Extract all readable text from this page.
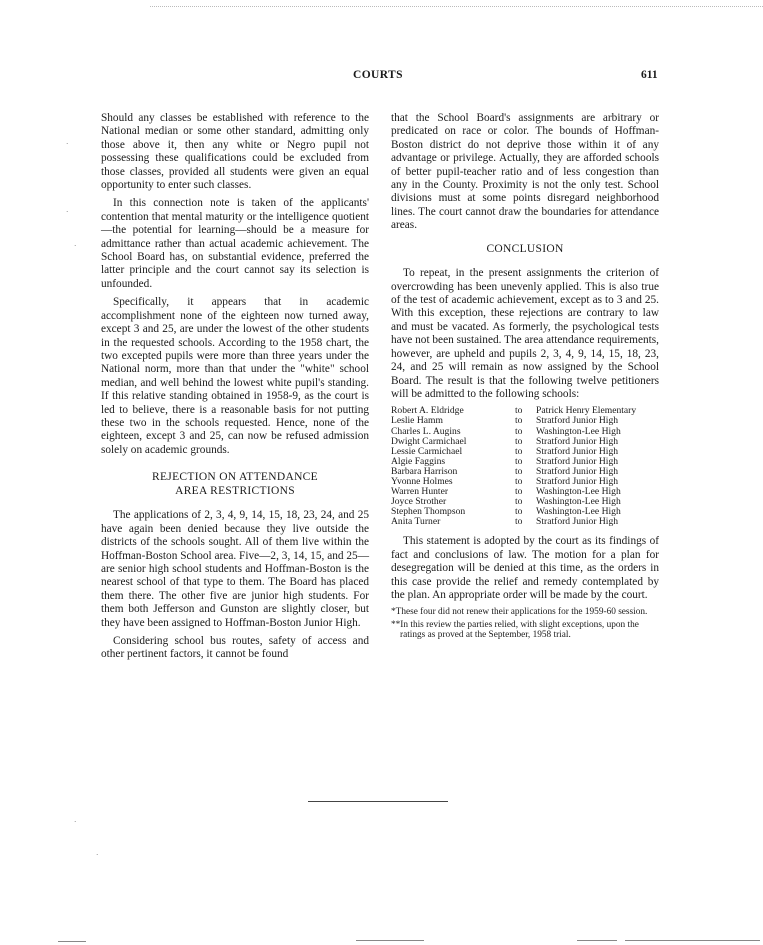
COURTS	611

Should any classes be established with reference to the National median or some other standard, admitting only those above it, then any white or Negro pupil not possessing these qualifications could be excluded from those classes, provided all students were given an equal opportunity to enter such classes.

In this connection note is taken of the applicants' contention that mental maturity or the intelligence quotient—the potential for learning—should be a measure for admittance rather than actual academic achievement. The School Board has, on substantial evidence, preferred the latter principle and the court cannot say its selection is unfounded.

Specifically, it appears that in academic accomplishment none of the eighteen now turned away, except 3 and 25, are under the lowest of the other students in the requested schools. According to the 1958 chart, the two excepted pupils were more than three years under the National norm, more than that under the "white" school median, and well behind the lowest white pupil's standing. If this relative standing obtained in 1958-9, as the court is led to believe, there is a reasonable basis for not putting these two in the schools requested. Hence, none of the eighteen, except 3 and 25, can now be refused admission solely on academic grounds.

REJECTION ON ATTENDANCE
AREA RESTRICTIONS

The applications of 2, 3, 4, 9, 14, 15, 18, 23, 24, and 25 have again been denied because they live outside the districts of the schools sought. All of them live within the Hoffman-Boston School area. Five—2, 3, 14, 15, and 25—are senior high school students and Hoffman-Boston is the nearest school of that type to them. The Board has placed them there. The other five are junior high students. For them both Jefferson and Gunston are slightly closer, but they have been assigned to Hoffman-Boston Junior High.

Considering school bus routes, safety of access and other pertinent factors, it cannot be found

that the School Board's assignments are arbitrary or predicated on race or color. The bounds of Hoffman-Boston district do not deprive those within it of any advantage or privilege. Actually, they are afforded schools of better pupil-teacher ratio and of less congestion than any in the County. Proximity is not the only test. School divisions must at some points disregard neighborhood lines. The court cannot draw the boundaries for attendance areas.

CONCLUSION

To repeat, in the present assignments the criterion of overcrowding has been unevenly applied. This is also true of the test of academic achievement, except as to 3 and 25. With this exception, these rejections are contrary to law and must be vacated. As formerly, the psychological tests have not been sustained. The area attendance requirements, however, are upheld and pupils 2, 3, 4, 9, 14, 15, 18, 23, 24, and 25 will remain as now assigned by the School Board. The result is that the following twelve petitioners will be admitted to the following schools:

Robert A. Eldridge	to	Patrick Henry Elementary
Leslie Hamm	to	Stratford Junior High
Charles L. Augins	to	Washington-Lee High
Dwight Carmichael	to	Stratford Junior High
Lessie Carmichael	to	Stratford Junior High
Algie Faggins	to	Stratford Junior High
Barbara Harrison	to	Stratford Junior High
Yvonne Holmes	to	Stratford Junior High
Warren Hunter	to	Washington-Lee High
Joyce Strother	to	Washington-Lee High
Stephen Thompson	to	Washington-Lee High
Anita Turner	to	Stratford Junior High

This statement is adopted by the court as its findings of fact and conclusions of law. The motion for a plan for desegregation will be denied at this time, as the orders in this case provide the relief and remedy contemplated by the plan. An appropriate order will be made by the court.

*These four did not renew their applications for the 1959-60 session.

**In this review the parties relied, with slight exceptions, upon the ratings as proved at the September, 1958 trial.

·
·
·
·
·
